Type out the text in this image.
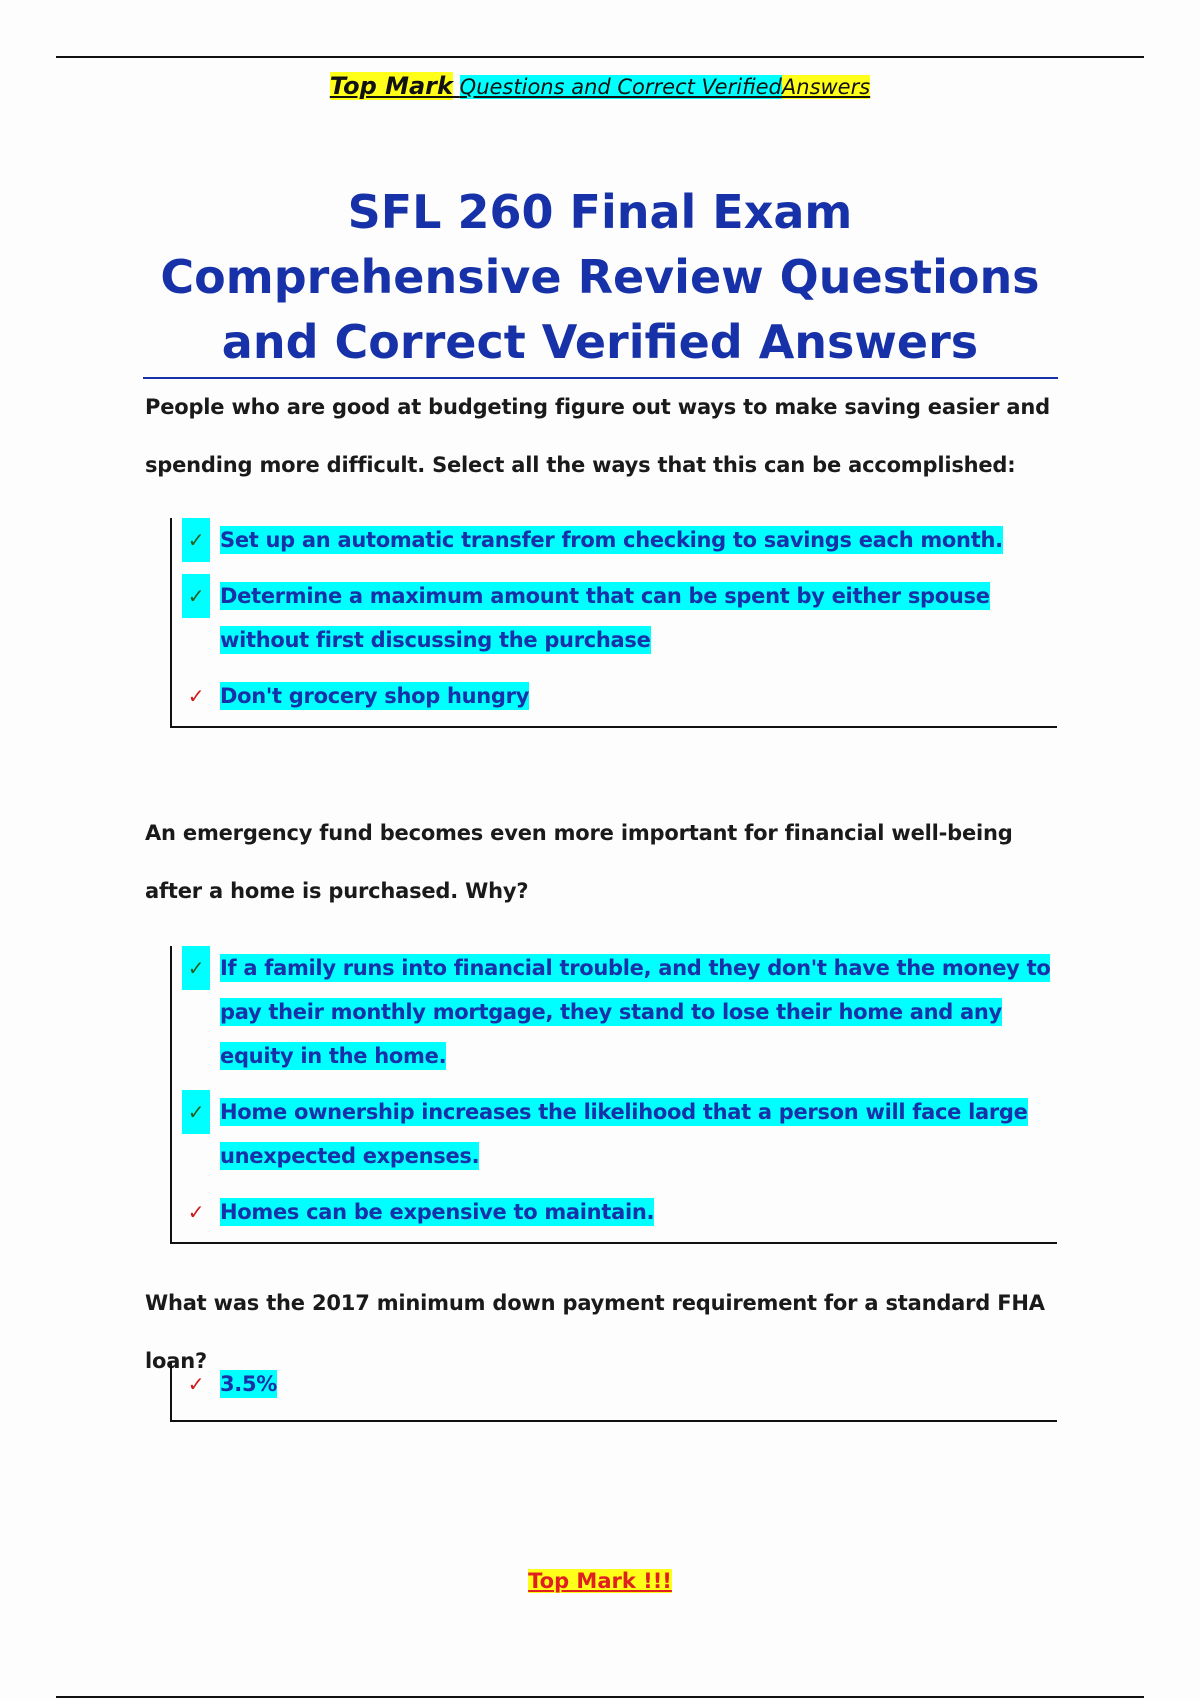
Top Mark Questions and Correct VerifiedAnswers
SFL 260 Final Exam Comprehensive Review Questions and Correct Verified Answers

People who are good at budgeting figure out ways to make saving easier and spending more difficult. Select all the ways that this can be accomplished:

✓ Set up an automatic transfer from checking to savings each month.
✓ Determine a maximum amount that can be spent by either spouse without first discussing the purchase
✓ Don't grocery shop hungry

An emergency fund becomes even more important for financial well-being after a home is purchased. Why?

✓ If a family runs into financial trouble, and they don't have the money to pay their monthly mortgage, they stand to lose their home and any equity in the home.
✓ Home ownership increases the likelihood that a person will face large unexpected expenses.
✓ Homes can be expensive to maintain.

What was the 2017 minimum down payment requirement for a standard FHA loan?

✓ 3.5%
Top Mark !!!
